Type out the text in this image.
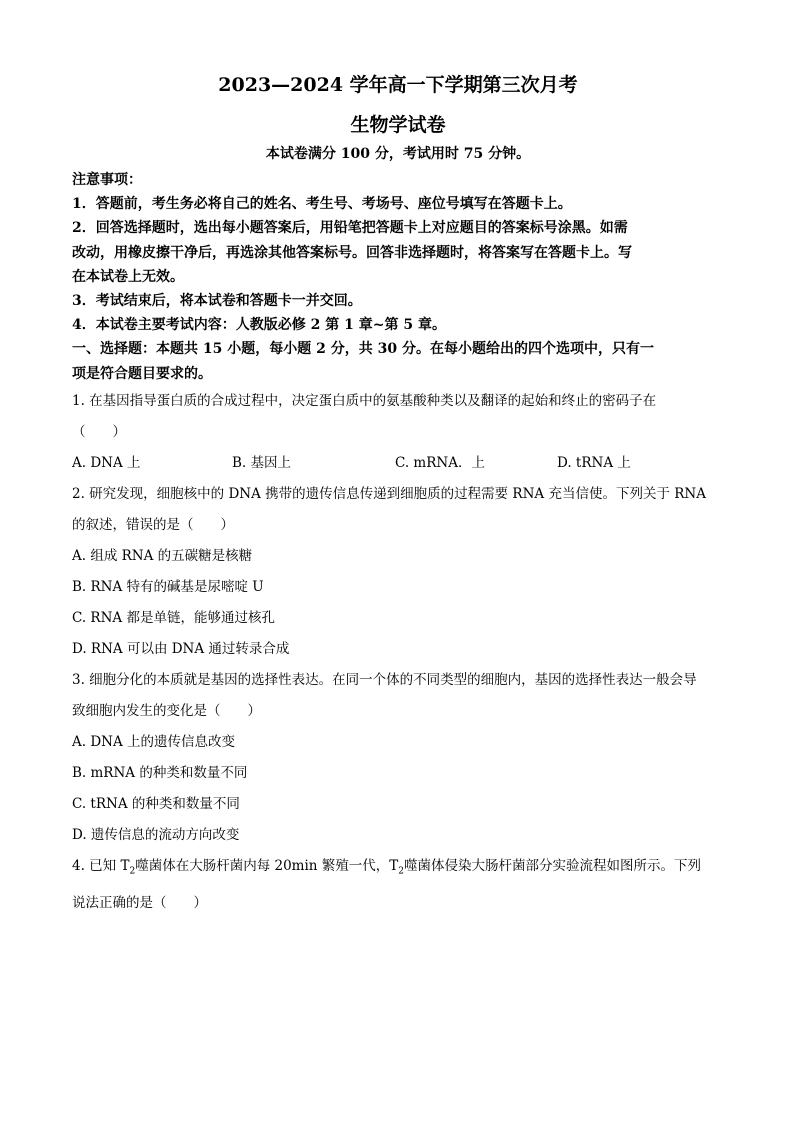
2023—2024 学年高一下学期第三次月考

生物学试卷

本试卷满分 100 分，考试用时 75 分钟。

注意事项：

1．答题前，考生务必将自己的姓名、考生号、考场号、座位号填写在答题卡上。

2．回答选择题时，选出每小题答案后，用铅笔把答题卡上对应题目的答案标号涂黑。如需

改动，用橡皮擦干净后，再选涂其他答案标号。回答非选择题时，将答案写在答题卡上。写

在本试卷上无效。

3．考试结束后，将本试卷和答题卡一并交回。

4．本试卷主要考试内容：人教版必修 2 第 1 章~第 5 章。

一、选择题：本题共 15 小题，每小题 2 分，共 30 分。在每小题给出的四个选项中，只有一

项是符合题目要求的。

1. 在基因指导蛋白质的合成过程中，决定蛋白质中的氨基酸种类以及翻译的起始和终止的密码子在

（　　）

A. DNA 上	B. 基因上	C. mRNA．上	D. tRNA 上

2. 研究发现，细胞核中的 DNA 携带的遗传信息传递到细胞质的过程需要 RNA 充当信使。下列关于 RNA

的叙述，错误的是（　　）

A. 组成 RNA 的五碳糖是核糖

B. RNA 特有的碱基是尿嘧啶 U

C. RNA 都是单链，能够通过核孔

D. RNA 可以由 DNA 通过转录合成

3. 细胞分化的本质就是基因的选择性表达。在同一个体的不同类型的细胞内，基因的选择性表达一般会导

致细胞内发生的变化是（　　）

A. DNA 上的遗传信息改变

B. mRNA 的种类和数量不同

C. tRNA 的种类和数量不同

D. 遗传信息的流动方向改变

4. 已知 $T_2$噬菌体在大肠杆菌内每 20min 繁殖一代，$T_2$噬菌体侵染大肠杆菌部分实验流程如图所示。下列

说法正确的是（　　）
